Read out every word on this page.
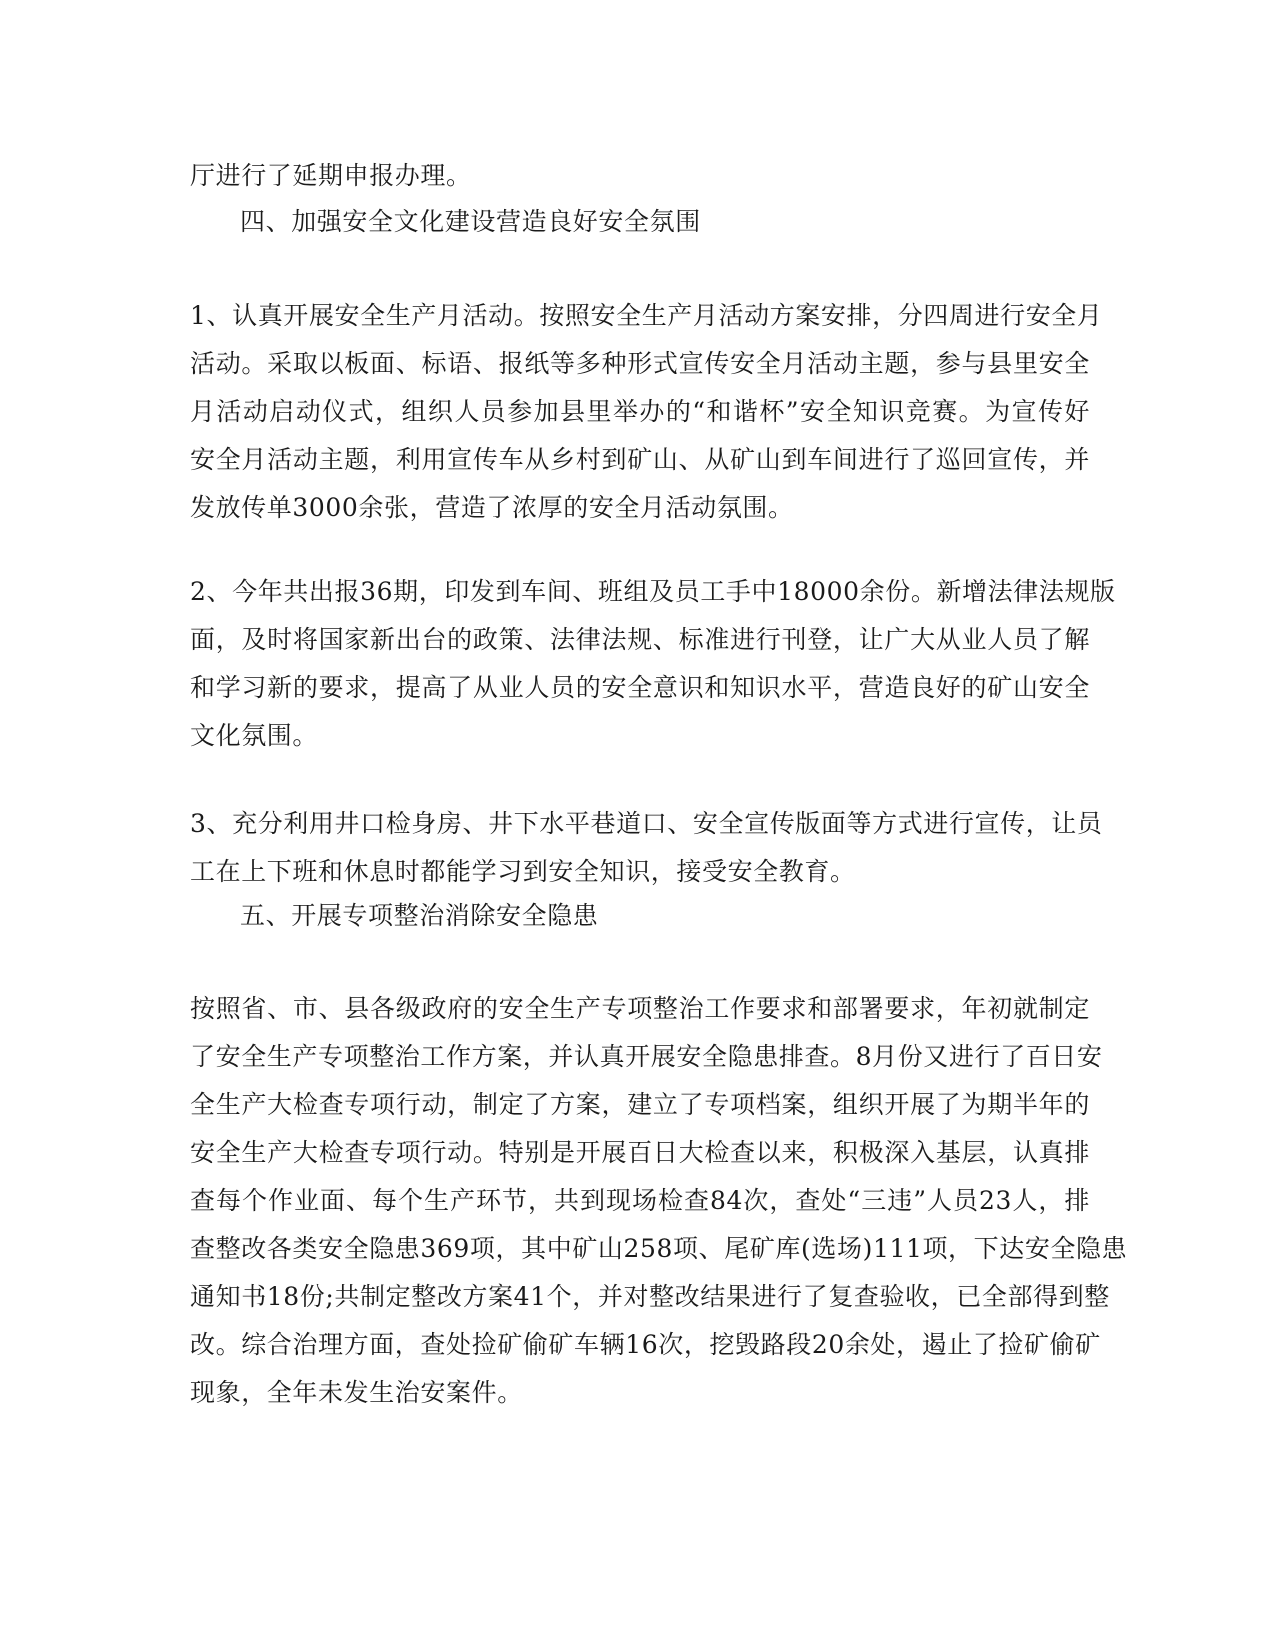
厅进行了延期申报办理。

四、加强安全文化建设营造良好安全氛围

1、认真开展安全生产月活动。按照安全生产月活动方案安排，分四周进行安全月
活动。采取以板面、标语、报纸等多种形式宣传安全月活动主题，参与县里安全
月活动启动仪式，组织人员参加县里举办的“和谐杯”安全知识竞赛。为宣传好
安全月活动主题，利用宣传车从乡村到矿山、从矿山到车间进行了巡回宣传，并
发放传单3000余张，营造了浓厚的安全月活动氛围。

2、今年共出报36期，印发到车间、班组及员工手中18000余份。新增法律法规版
面，及时将国家新出台的政策、法律法规、标准进行刊登，让广大从业人员了解
和学习新的要求，提高了从业人员的安全意识和知识水平，营造良好的矿山安全
文化氛围。

3、充分利用井口检身房、井下水平巷道口、安全宣传版面等方式进行宣传，让员
工在上下班和休息时都能学习到安全知识，接受安全教育。

五、开展专项整治消除安全隐患

按照省、市、县各级政府的安全生产专项整治工作要求和部署要求，年初就制定
了安全生产专项整治工作方案，并认真开展安全隐患排查。8月份又进行了百日安
全生产大检查专项行动，制定了方案，建立了专项档案，组织开展了为期半年的
安全生产大检查专项行动。特别是开展百日大检查以来，积极深入基层，认真排
查每个作业面、每个生产环节，共到现场检查84次，查处“三违”人员23人，排
查整改各类安全隐患369项，其中矿山258项、尾矿库(选场)111项，下达安全隐患
通知书18份;共制定整改方案41个，并对整改结果进行了复查验收，已全部得到整
改。综合治理方面，查处捡矿偷矿车辆16次，挖毁路段20余处，遏止了捡矿偷矿
现象，全年未发生治安案件。
